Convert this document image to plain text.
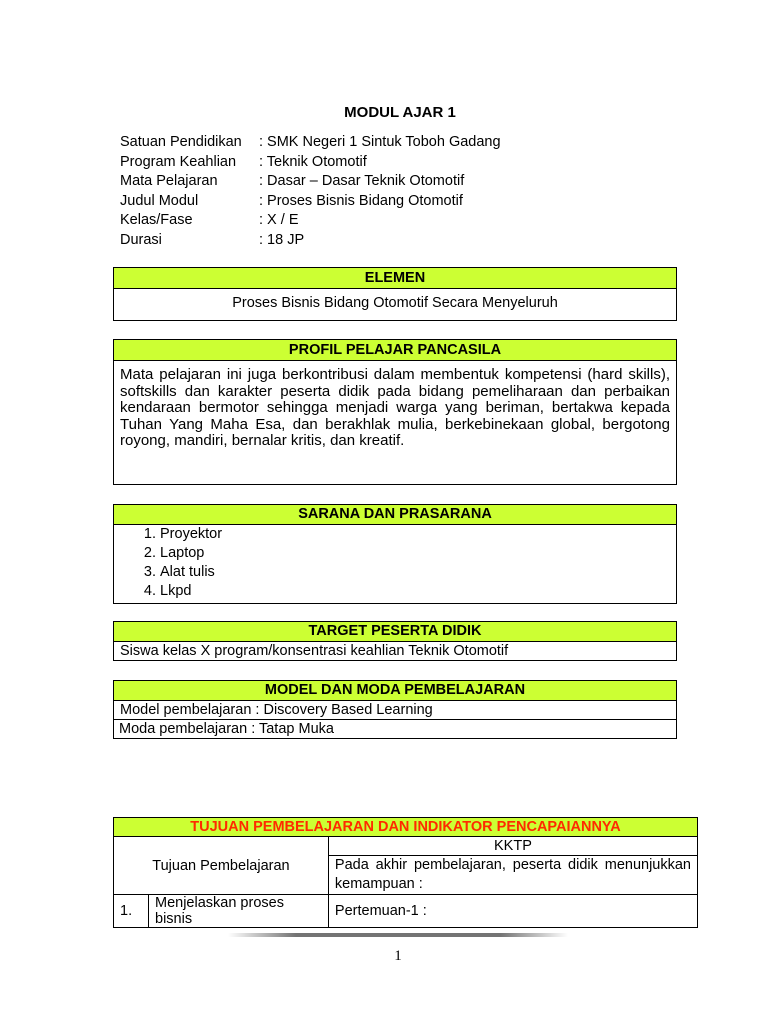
MODUL AJAR 1
Satuan Pendidikan	: SMK Negeri 1 Sintuk Toboh Gadang
Program Keahlian	: Teknik Otomotif
Mata Pelajaran	: Dasar – Dasar Teknik Otomotif
Judul Modul	: Proses Bisnis Bidang Otomotif
Kelas/Fase	: X / E
Durasi	: 18 JP
ELEMEN
Proses Bisnis Bidang Otomotif Secara Menyeluruh
PROFIL PELAJAR PANCASILA
Mata pelajaran ini juga berkontribusi dalam membentuk kompetensi (hard skills), softskills dan karakter peserta didik pada bidang pemeliharaan dan perbaikan kendaraan bermotor sehingga menjadi warga yang beriman, bertakwa kepada Tuhan Yang Maha Esa, dan berakhlak mulia, berkebinekaan global, bergotong royong, mandiri, bernalar kritis, dan kreatif.
SARANA DAN PRASARANA
1. Proyektor
2. Laptop
3. Alat tulis
4. Lkpd
TARGET PESERTA DIDIK
Siswa kelas X program/konsentrasi keahlian Teknik Otomotif
MODEL DAN MODA PEMBELAJARAN
Model pembelajaran : Discovery Based Learning
Moda pembelajaran : Tatap Muka
TUJUAN PEMBELAJARAN DAN INDIKATOR PENCAPAIANNYA		
Tujuan Pembelajaran		KKTP
		Pada akhir pembelajaran, peserta didik menunjukkan kemampuan :
1.	Menjelaskan proses bisnis	Pertemuan-1 :
1
